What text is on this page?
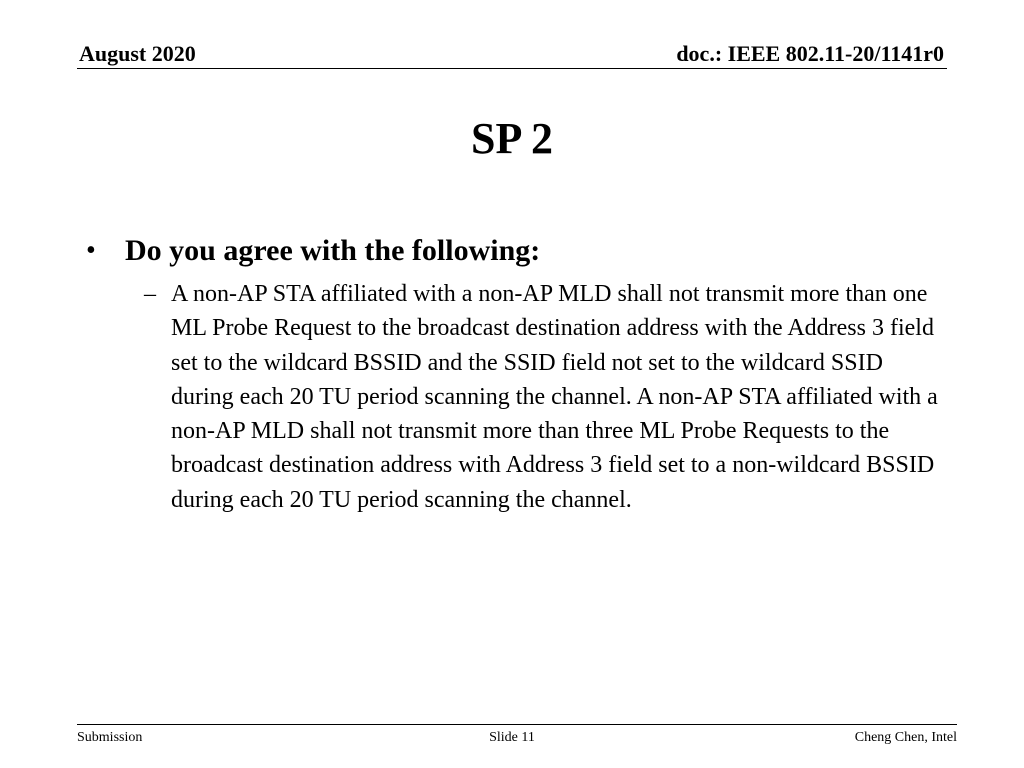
August 2020	doc.: IEEE 802.11-20/1141r0
SP 2
• Do you agree with the following:
– A non-AP STA affiliated with a non-AP MLD shall not transmit more than one ML Probe Request to the broadcast destination address with the Address 3 field set to the wildcard BSSID and the SSID field not set to the wildcard SSID during each 20 TU period scanning the channel. A non-AP STA affiliated with a non-AP MLD shall not transmit more than three ML Probe Requests to the broadcast destination address with Address 3 field set to a non-wildcard BSSID during each 20 TU period scanning the channel.
Submission	Slide 11	Cheng Chen, Intel
